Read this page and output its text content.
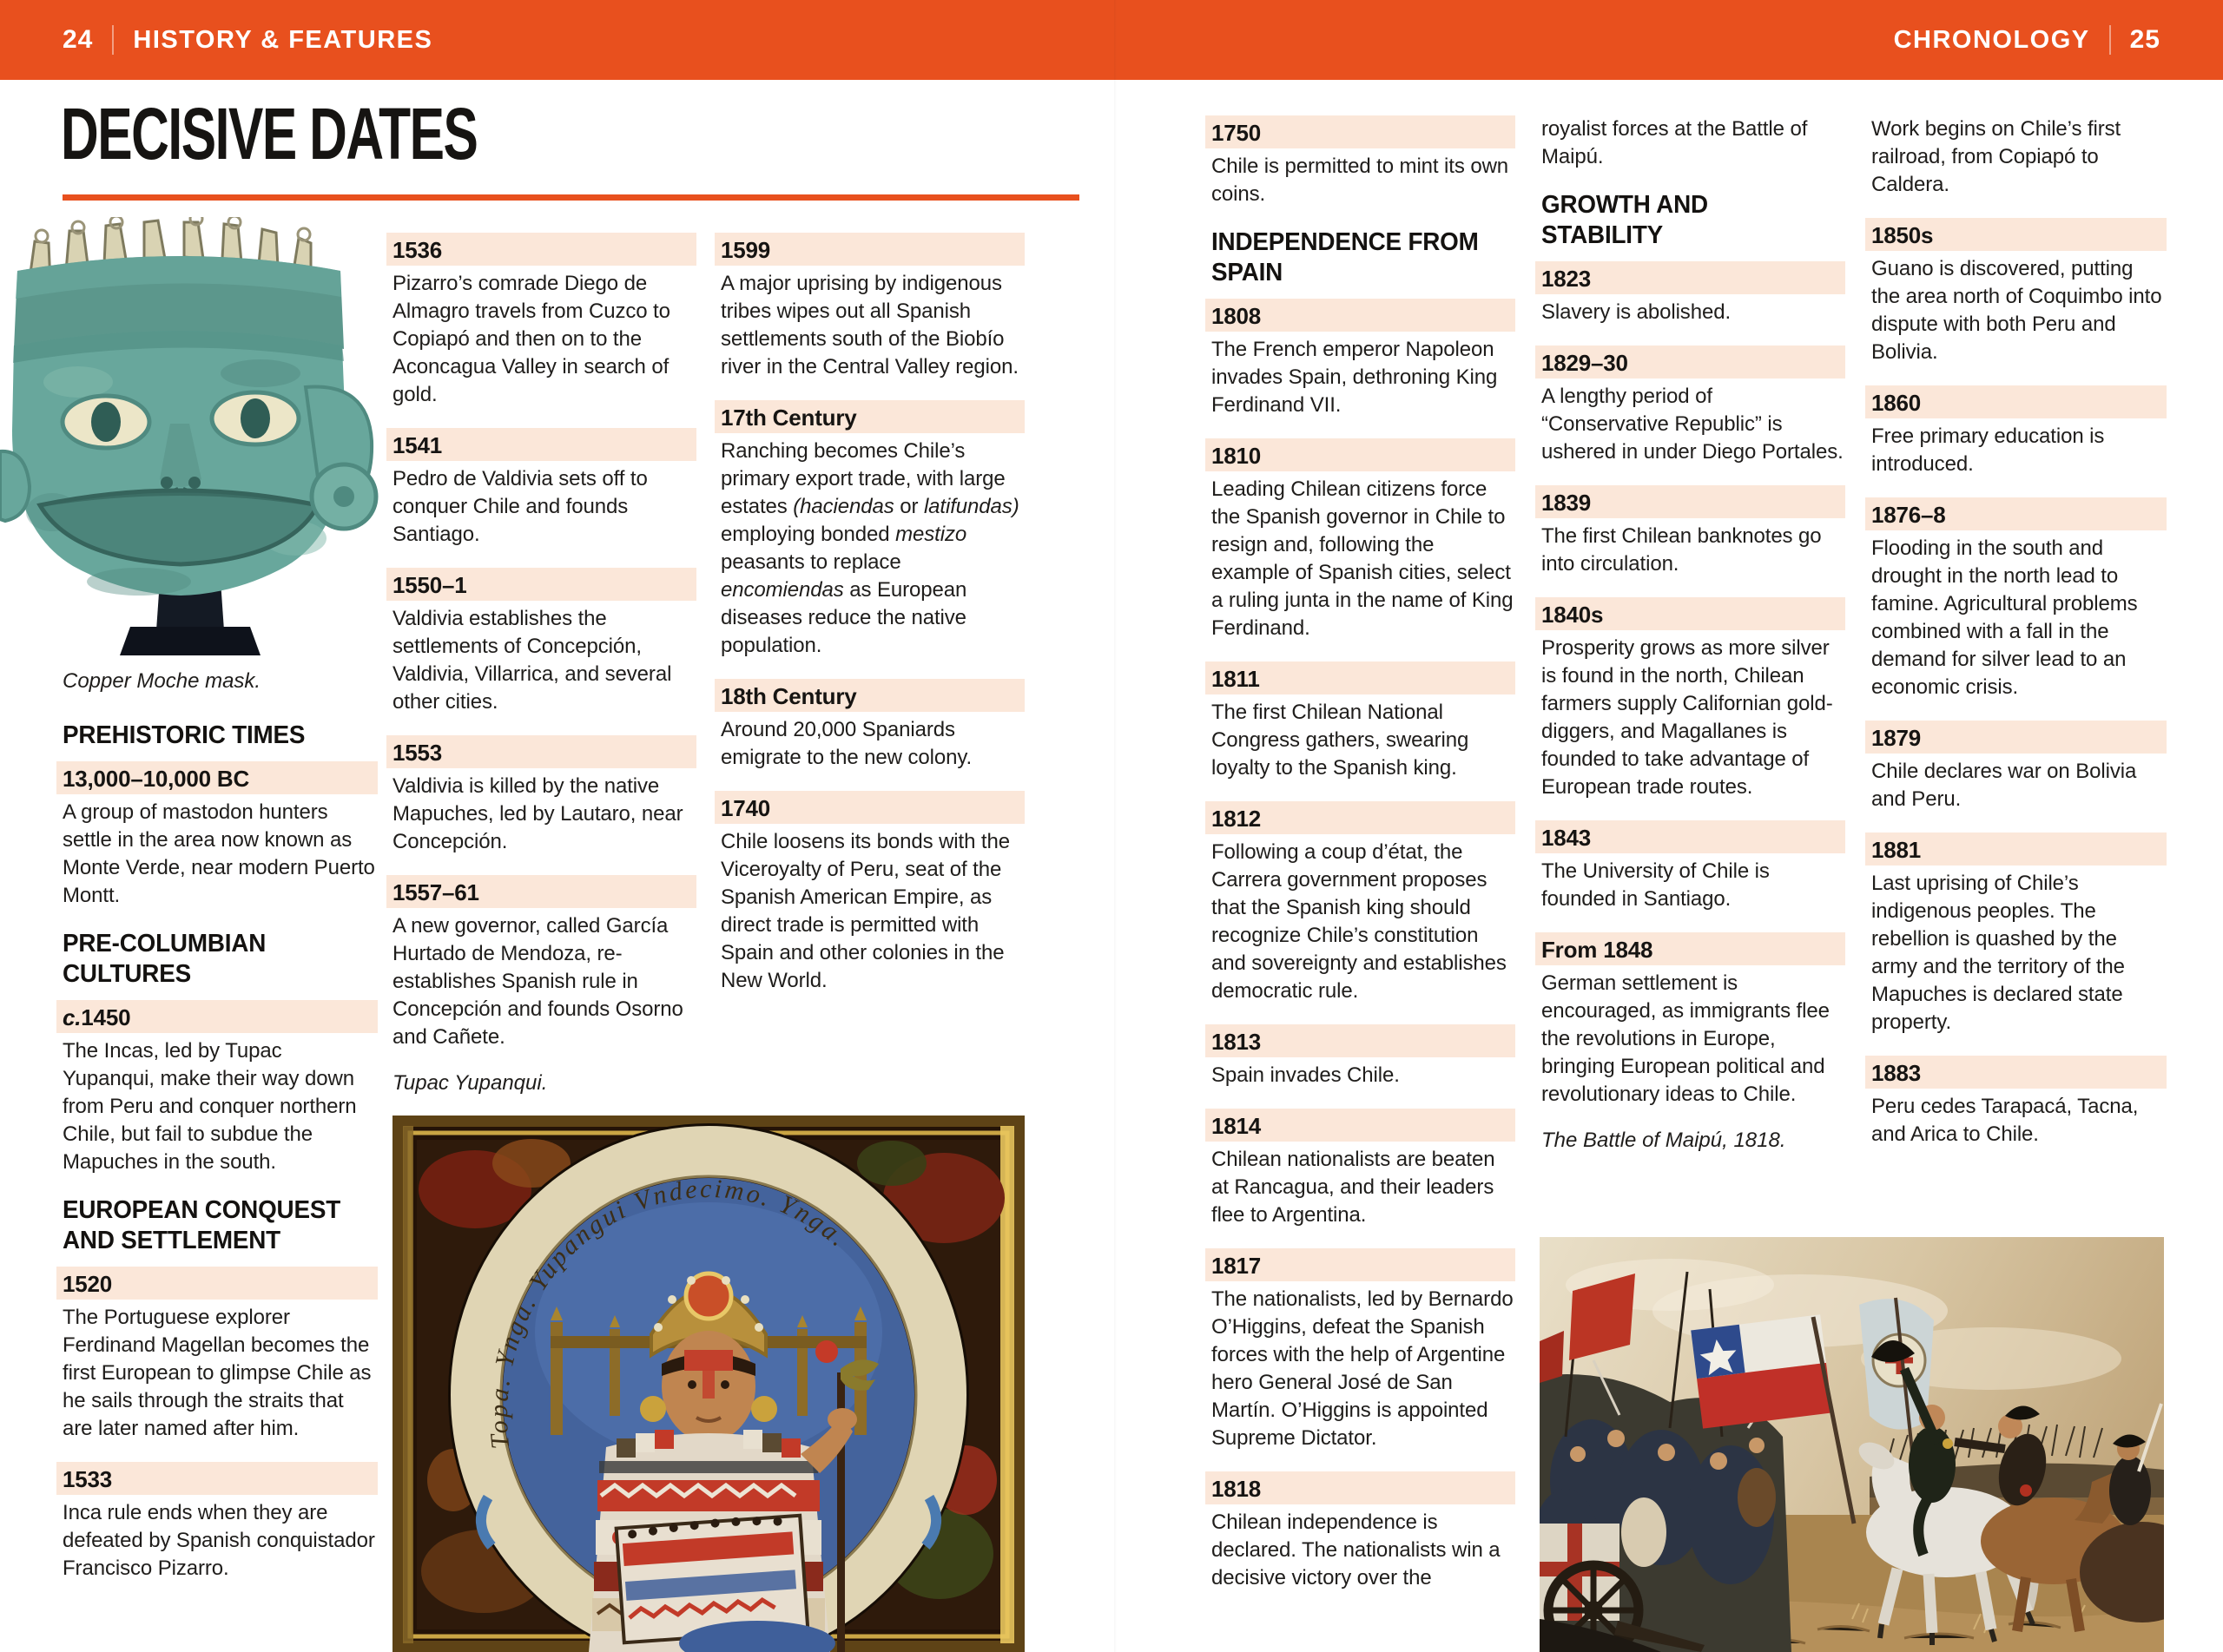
24 HISTORY & FEATURES	CHRONOLOGY 25
DECISIVE DATES
Topa. Ynga. Yupangui Vndecimo. Ynga.
Copper Moche mask.
PREHISTORIC TIMES
13,000–10,000 BC
A group of mastodon hunters settle in the area now known as Monte Verde, near modern Puerto Montt.
PRE-COLUMBIAN CULTURES
c.1450
The Incas, led by Tupac Yupanqui, make their way down from Peru and conquer northern Chile, but fail to subdue the Mapuches in the south.
EUROPEAN CONQUEST AND SETTLEMENT
1520
The Portuguese explorer Ferdinand Magellan becomes the first European to glimpse Chile as he sails through the straits that are later named after him.
1533
Inca rule ends when they are defeated by Spanish conquistador Francisco Pizarro.
1536
Pizarro’s comrade Diego de Almagro travels from Cuzco to Copiapó and then on to the Aconcagua Valley in search of gold.
1541
Pedro de Valdivia sets off to conquer Chile and founds Santiago.
1550–1
Valdivia establishes the settlements of Concepción, Valdivia, Villarrica, and several other cities.
1553
Valdivia is killed by the native Mapuches, led by Lautaro, near Concepción.
1557–61
A new governor, called García Hurtado de Mendoza, re-establishes Spanish rule in Concepción and founds Osorno and Cañete.
Tupac Yupanqui.
1599
A major uprising by indigenous tribes wipes out all Spanish settlements south of the Biobío river in the Central Valley region.
17th Century
Ranching becomes Chile’s primary export trade, with large estates (haciendas or latifundas) employing bonded mestizo peasants to replace encomiendas as European diseases reduce the native population.
18th Century
Around 20,000 Spaniards emigrate to the new colony.
1740
Chile loosens its bonds with the Viceroyalty of Peru, seat of the Spanish American Empire, as direct trade is permitted with Spain and other colonies in the New World.
1750
Chile is permitted to mint its own coins.
INDEPENDENCE FROM SPAIN
1808
The French emperor Napoleon invades Spain, dethroning King Ferdinand VII.
1810
Leading Chilean citizens force the Spanish governor in Chile to resign and, following the example of Spanish cities, select a ruling junta in the name of King Ferdinand.
1811
The first Chilean National Congress gathers, swearing loyalty to the Spanish king.
1812
Following a coup d’état, the Carrera government proposes that the Spanish king should recognize Chile’s constitution and sovereignty and establishes democratic rule.
1813
Spain invades Chile.
1814
Chilean nationalists are beaten at Rancagua, and their leaders flee to Argentina.
1817
The nationalists, led by Bernardo O’Higgins, defeat the Spanish forces with the help of Argentine hero General José de San Martín. O’Higgins is appointed Supreme Dictator.
1818
Chilean independence is declared. The nationalists win a decisive victory over the
royalist forces at the Battle of Maipú.
GROWTH AND STABILITY
1823
Slavery is abolished.
1829–30
A lengthy period of “Conservative Republic” is ushered in under Diego Portales.
1839
The first Chilean banknotes go into circulation.
1840s
Prosperity grows as more silver is found in the north, Chilean farmers supply Californian gold-diggers, and Magallanes is founded to take advantage of European trade routes.
1843
The University of Chile is founded in Santiago.
From 1848
German settlement is encouraged, as immigrants flee the revolutions in Europe, bringing European political and revolutionary ideas to Chile.
The Battle of Maipú, 1818.
Work begins on Chile’s first railroad, from Copiapó to Caldera.
1850s
Guano is discovered, putting the area north of Coquimbo into dispute with both Peru and Bolivia.
1860
Free primary education is introduced.
1876–8
Flooding in the south and drought in the north lead to famine. Agricultural problems combined with a fall in the demand for silver lead to an economic crisis.
1879
Chile declares war on Bolivia and Peru.
1881
Last uprising of Chile’s indigenous peoples. The rebellion is quashed by the army and the territory of the Mapuches is declared state property.
1883
Peru cedes Tarapacá, Tacna, and Arica to Chile.
